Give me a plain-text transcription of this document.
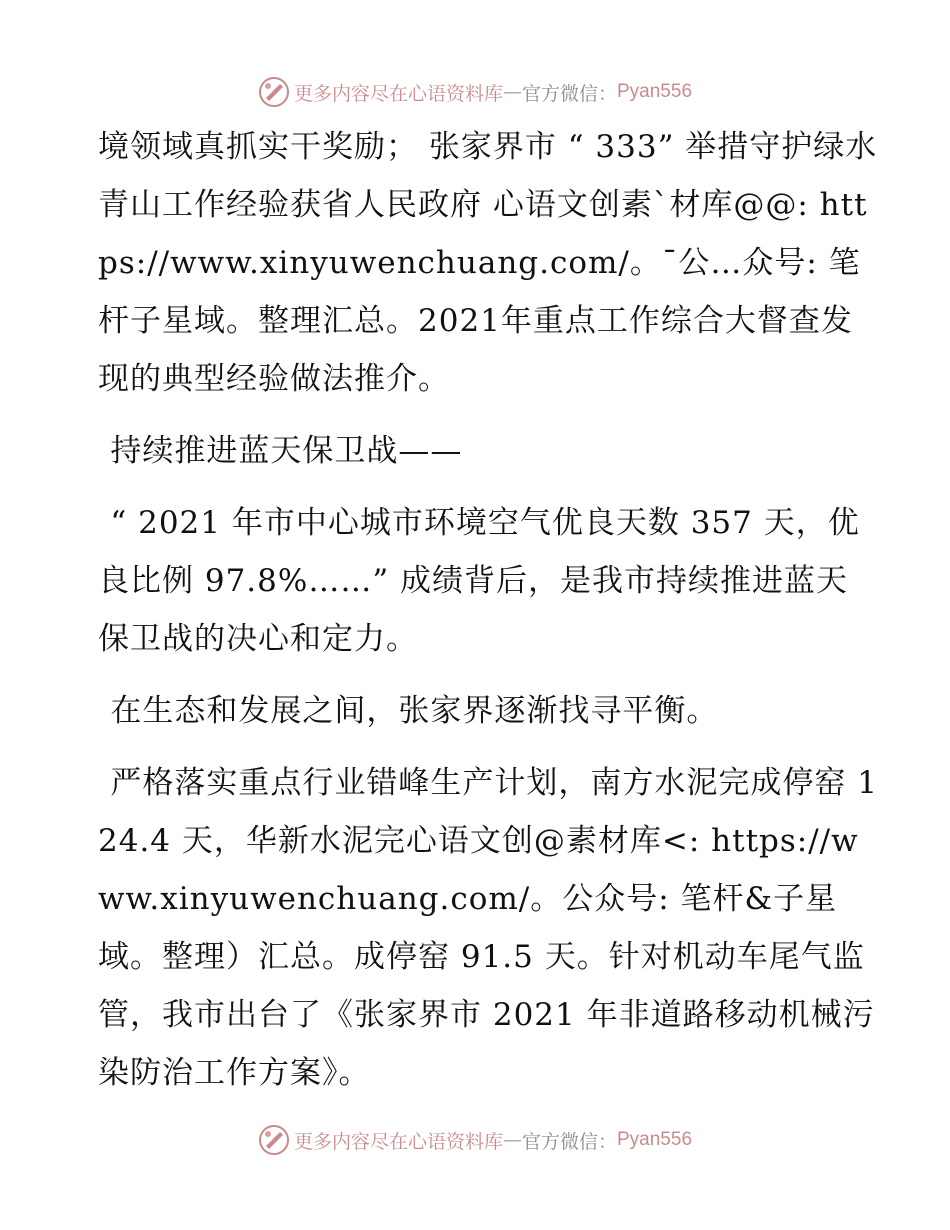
更多内容尽在心语资料库 — 官方微信： Pyan556

境领域真抓实干奖励； 张家界市 “ 333” 举措守护绿水青山工作经验获省人民政府 心语文创素`材库@@: https://www.xinyuwenchuang.com/。¯公…众号: 笔杆子星域。整理汇总。2021年重点工作综合大督查发现的典型经验做法推介。

持续推进蓝天保卫战——

“ 2021 年市中心城市环境空气优良天数 357 天，优良比例 97.8%……” 成绩背后，是我市持续推进蓝天保卫战的决心和定力。

在生态和发展之间，张家界逐渐找寻平衡。

严格落实重点行业错峰生产计划，南方水泥完成停窑 124.4 天，华新水泥完心语文创@素材库<: https://www.xinyuwenchuang.com/。公众号: 笔杆&子星域。整理）汇总。成停窑 91.5 天。针对机动车尾气监管，我市出台了《张家界市 2021 年非道路移动机械污染防治工作方案》。

更多内容尽在心语资料库 — 官方微信： Pyan556
